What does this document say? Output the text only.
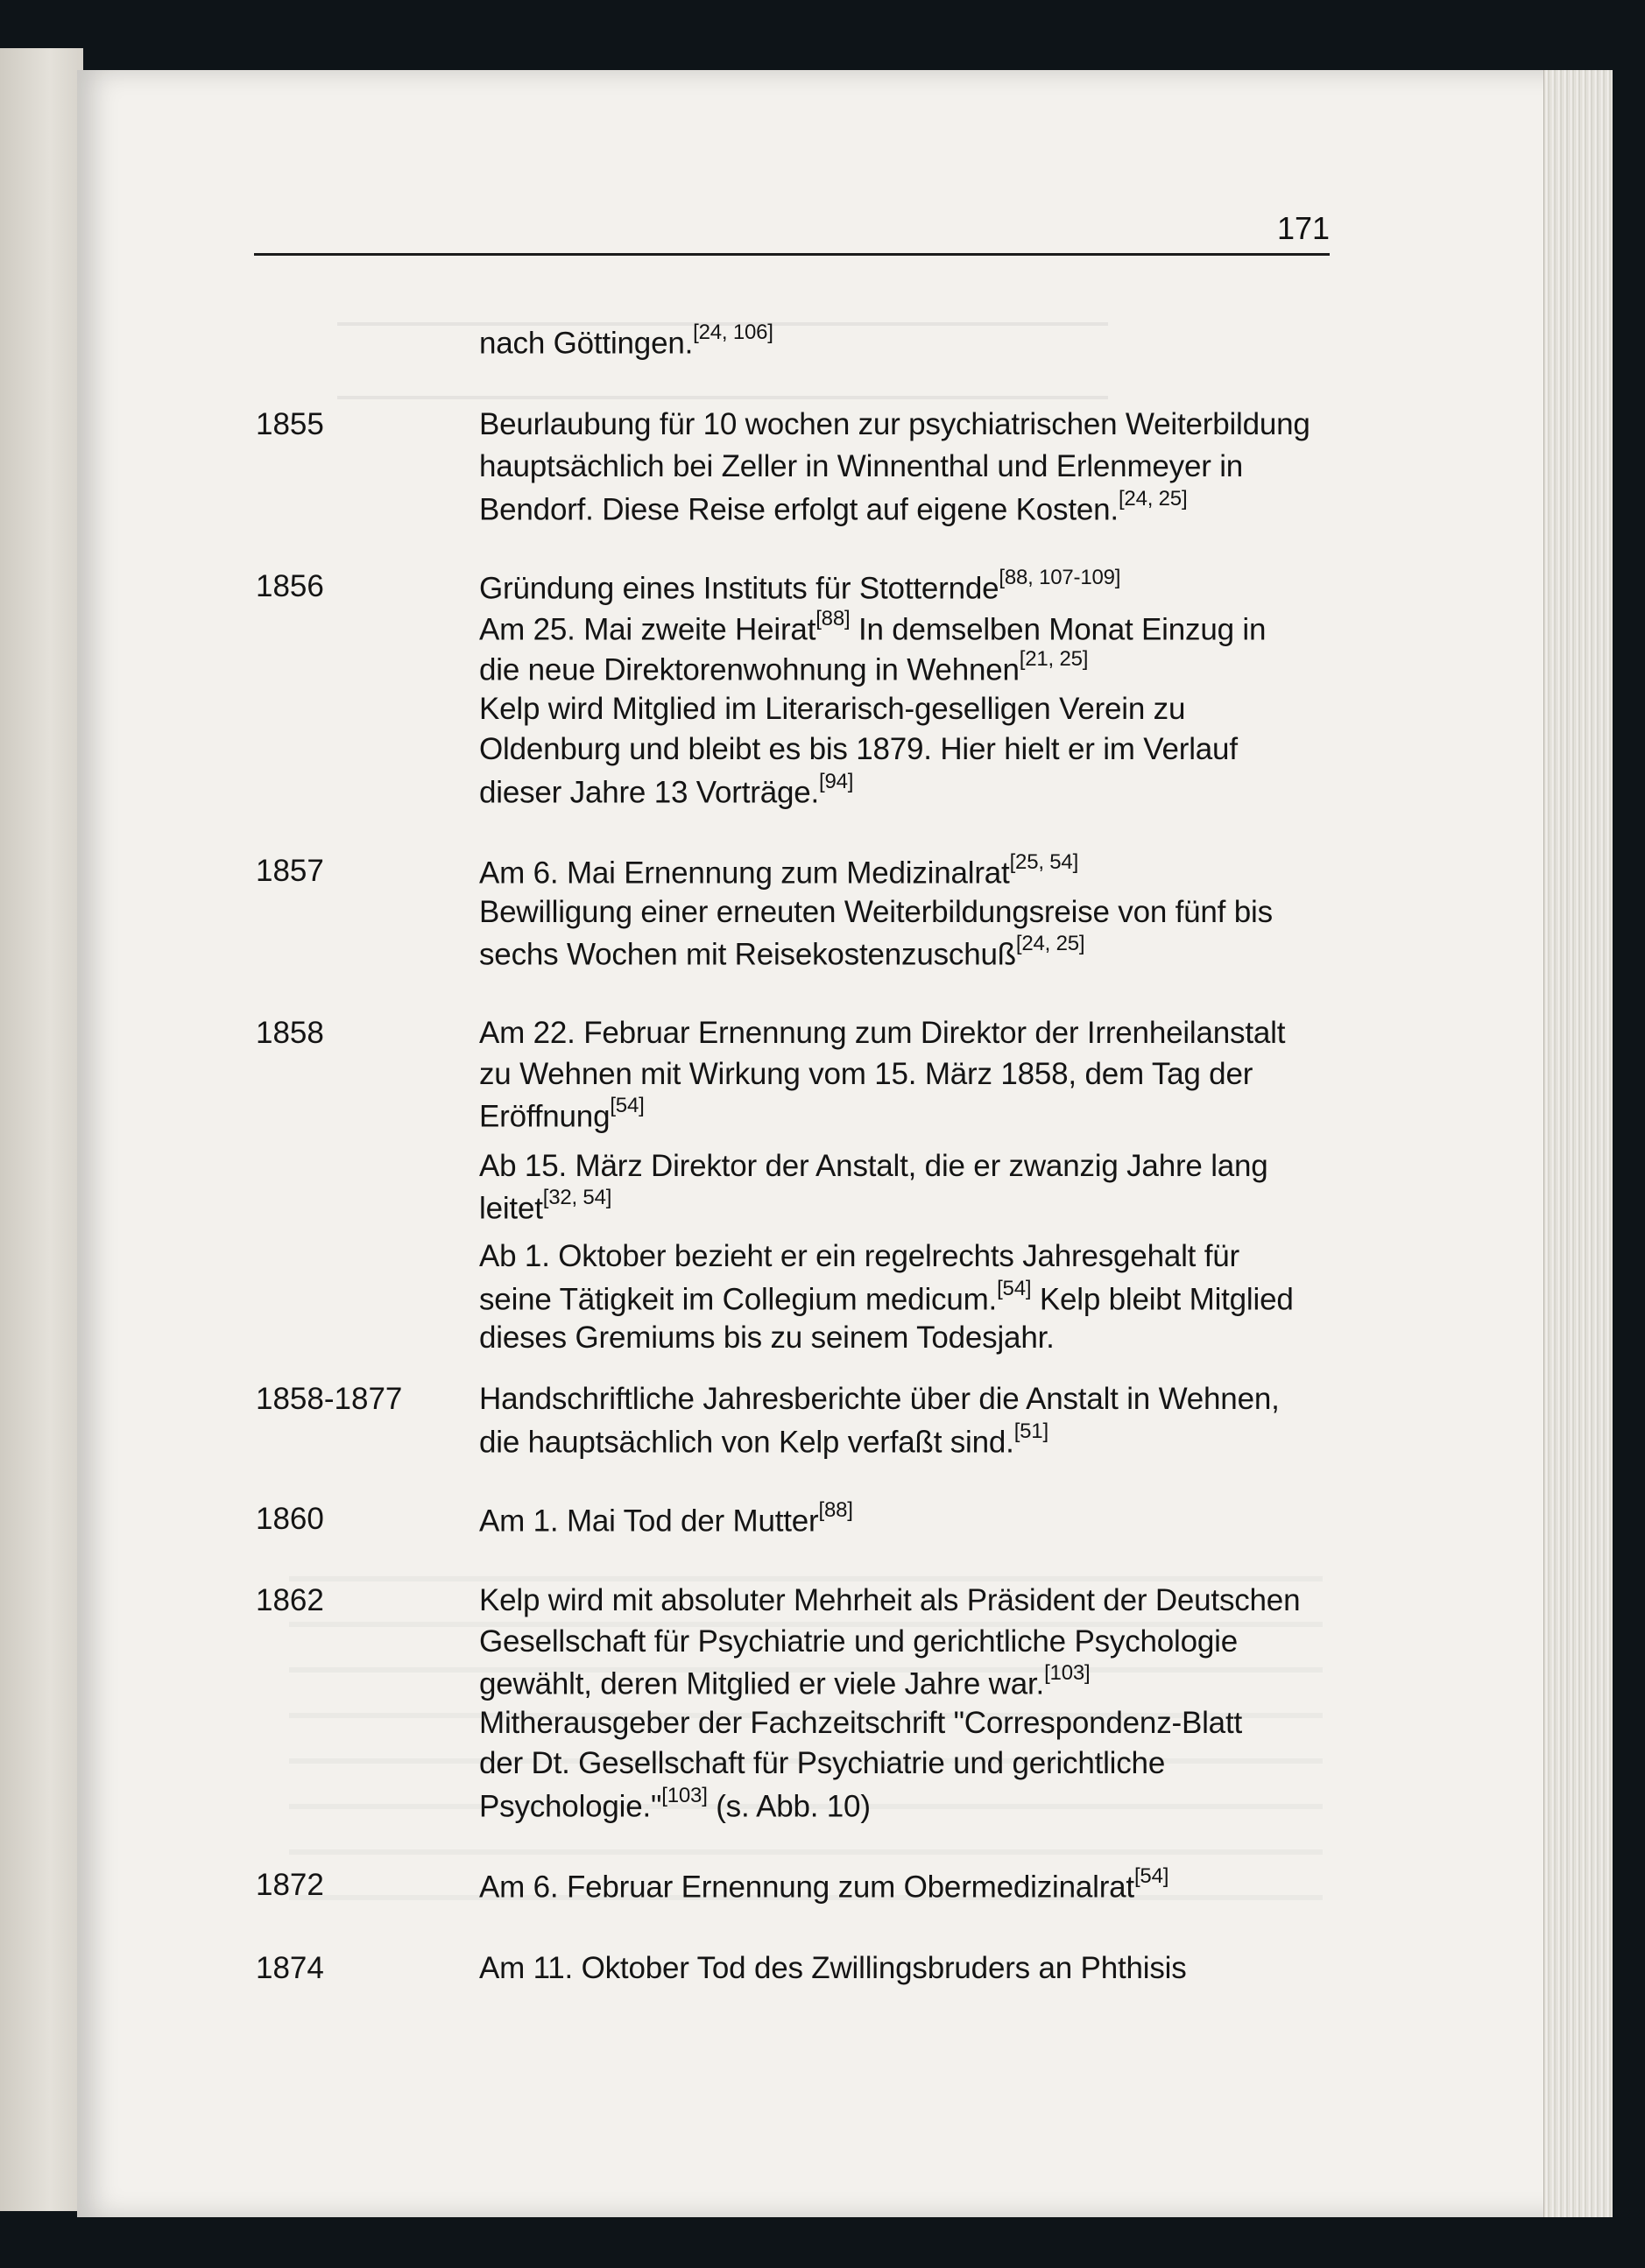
171
nach Göttingen.[24, 106]
1855	Beurlaubung für 10 wochen zur psychiatrischen Weiterbildung
hauptsächlich bei Zeller in Winnenthal und Erlenmeyer in
Bendorf. Diese Reise erfolgt auf eigene Kosten.[24, 25]
1856	Gründung eines Instituts für Stotternde[88, 107-109]
Am 25. Mai zweite Heirat[88] In demselben Monat Einzug in
die neue Direktorenwohnung in Wehnen[21, 25]
Kelp wird Mitglied im Literarisch-geselligen Verein zu
Oldenburg und bleibt es bis 1879. Hier hielt er im Verlauf
dieser Jahre 13 Vorträge.[94]
1857	Am 6. Mai Ernennung zum Medizinalrat[25, 54]
Bewilligung einer erneuten Weiterbildungsreise von fünf bis
sechs Wochen mit Reisekostenzuschuß[24, 25]
1858	Am 22. Februar Ernennung zum Direktor der Irrenheilanstalt
zu Wehnen mit Wirkung vom 15. März 1858, dem Tag der
Eröffnung[54]
Ab 15. März Direktor der Anstalt, die er zwanzig Jahre lang
leitet[32, 54]
Ab 1. Oktober bezieht er ein regelrechts Jahresgehalt für
seine Tätigkeit im Collegium medicum.[54] Kelp bleibt Mitglied
dieses Gremiums bis zu seinem Todesjahr.
1858-1877	Handschriftliche Jahresberichte über die Anstalt in Wehnen,
die hauptsächlich von Kelp verfaßt sind.[51]
1860	Am 1. Mai Tod der Mutter[88]
1862	Kelp wird mit absoluter Mehrheit als Präsident der Deutschen
Gesellschaft für Psychiatrie und gerichtliche Psychologie
gewählt, deren Mitglied er viele Jahre war.[103]
Mitherausgeber der Fachzeitschrift "Correspondenz-Blatt
der Dt. Gesellschaft für Psychiatrie und gerichtliche
Psychologie."[103] (s. Abb. 10)
1872	Am 6. Februar Ernennung zum Obermedizinalrat[54]
1874	Am 11. Oktober Tod des Zwillingsbruders an Phthisis
